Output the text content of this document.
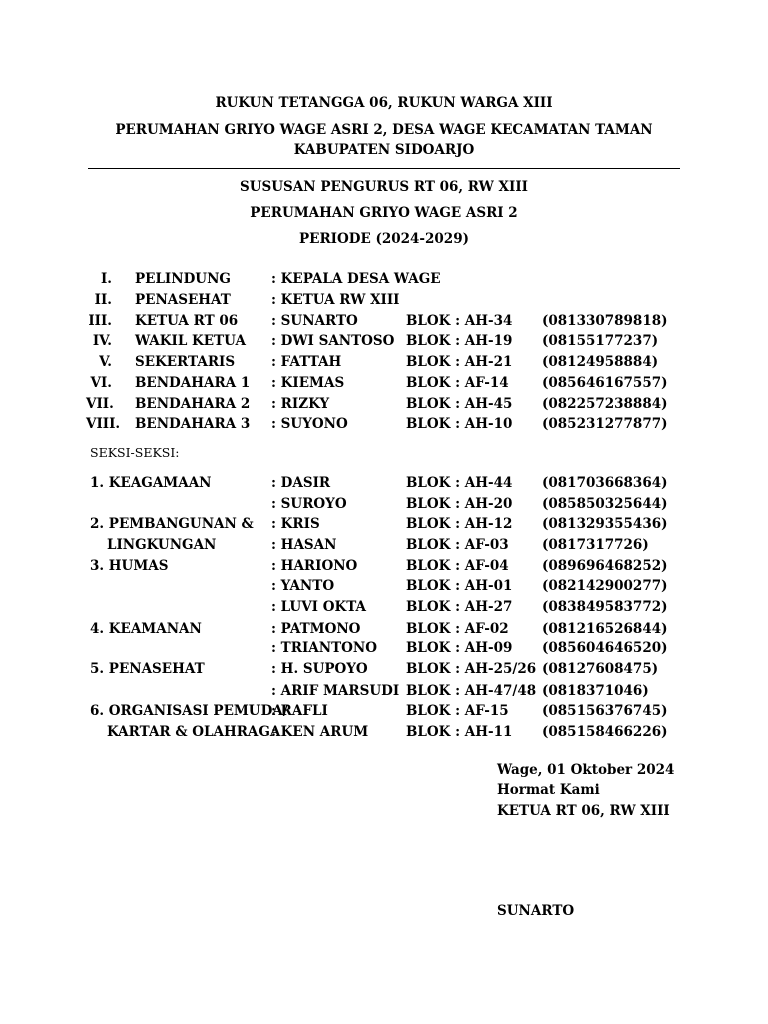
RUKUN TETANGGA 06, RUKUN WARGA XIII
PERUMAHAN GRIYO WAGE ASRI 2, DESA WAGE KECAMATAN TAMAN
KABUPATEN SIDOARJO
SUSUSAN PENGURUS RT 06, RW XIII
PERUMAHAN GRIYO WAGE ASRI 2
PERIODE (2024-2029)
I. PELINDUNG	: KEPALA DESA WAGE
II. PENASEHAT	: KETUA RW XIII
III. KETUA RT 06 : SUNARTO	BLOK : AH-34 (081330789818)
IV. WAKIL KETUA : DWI SANTOSO BLOK : AH-19 (08155177237)
V. SEKERTARIS	: FATTAH	BLOK : AH-21 (08124958884)
VI. BENDAHARA 1 : KIEMAS	BLOK : AF-14 (085646167557)
VII. BENDAHARA 2 : RIZKY	BLOK : AH-45 (082257238884)
VIII. BENDAHARA 3 : SUYONO	BLOK : AH-10 (085231277877)
SEKSI-SEKSI:
1. KEAGAMAAN	: DASIR	BLOK : AH-44 (081703668364)
: SUROYO	BLOK : AH-20 (085850325644)
2. PEMBANGUNAN & : KRIS	BLOK : AH-12 (081329355436)
LINGKUNGAN	: HASAN	BLOK : AF-03 (0817317726)
3. HUMAS	: HARIONO	BLOK : AF-04 (089696468252)
: YANTO	BLOK : AH-01 (082142900277)
: LUVI OKTA	BLOK : AH-27 (083849583772)
4. KEAMANAN	: PATMONO	BLOK : AF-02 (081216526844)
: TRIANTONO BLOK : AH-09 (085604646520)
5. PENASEHAT	: H. SUPOYO	BLOK : AH-25/26 (08127608475)
: ARIF MARSUDI BLOK : AH-47/48 (0818371046)
6. ORGANISASI PEMUDA/
: RAFLI	BLOK : AF-15 (085156376745)
KARTAR & OLAHRAGA
: KEN ARUM	BLOK : AH-11 (085158466226)
Wage, 01 Oktober 2024
Hormat Kami
KETUA RT 06, RW XIII
SUNARTO
